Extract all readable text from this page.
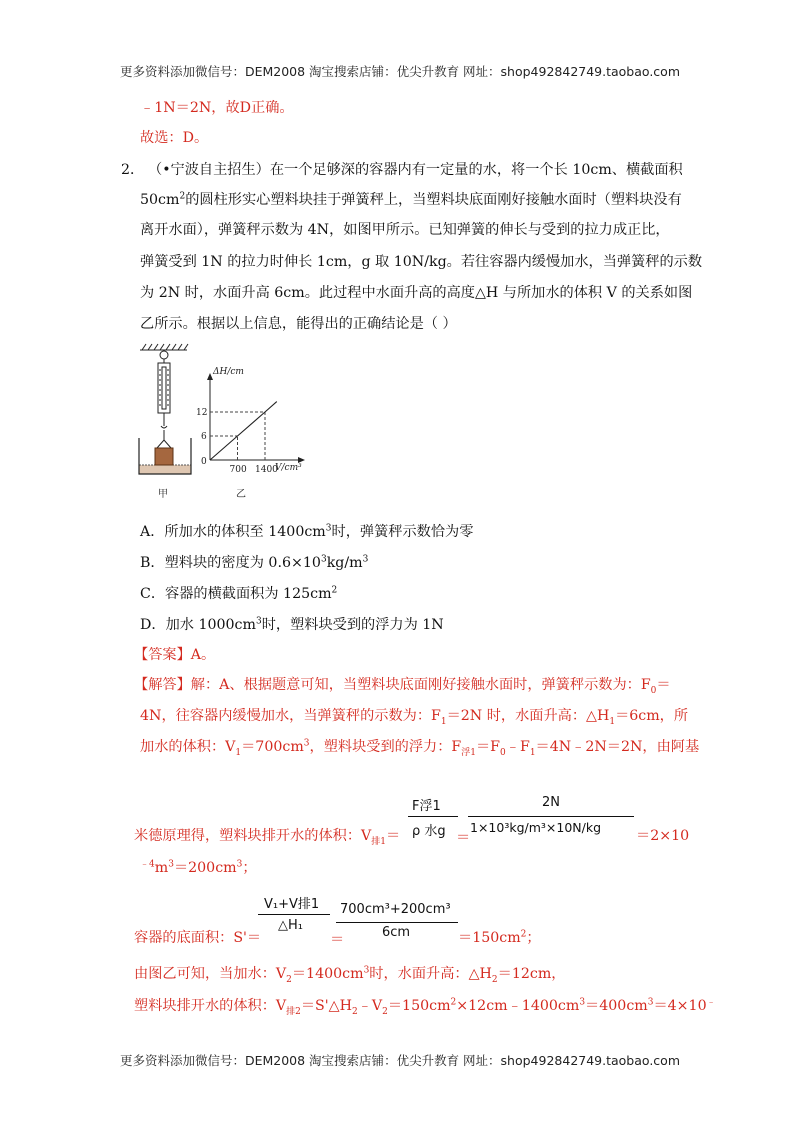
更多资料添加微信号：DEM2008 淘宝搜索店铺：优尖升教育 网址：shop492842749.taobao.com
﹣1N＝2N，故D正确。
故选：D。
2． （•宁波自主招生）在一个足够深的容器内有一定量的水，将一个长 10cm、横截面积
$50cm^2$的圆柱形实心塑料块挂于弹簧秤上，当塑料块底面刚好接触水面时（塑料块没有
离开水面），弹簧秤示数为 4N，如图甲所示。已知弹簧的伸长与受到的拉力成正比，
弹簧受到 1N 的拉力时伸长 1cm，g 取 10N/kg。若往容器内缓慢加水，当弹簧秤的示数
为 2N 时，水面升高 6cm。此过程中水面升高的高度△H 与所加水的体积 V 的关系如图
乙所示。根据以上信息，能得出的正确结论是（ ）
甲
ΔH/cm
V/cm³
0
6
12
700 1400
乙
A．所加水的体积至 $1400cm^3$时，弹簧秤示数恰为零
B．塑料块的密度为 $0.6\times 10^3kg/m^3$
C．容器的横截面积为 $125cm^2$
D．加水 $1000cm^3$时，塑料块受到的浮力为 1N
【答案】A。
【解答】解：A、根据题意可知，当塑料块底面刚好接触水面时，弹簧秤示数为：$F_0=$
4N，往容器内缓慢加水，当弹簧秤的示数为：$F_1=2N$ 时，水面升高：$\triangle H_1=6cm$，所
加水的体积：$V_1=700cm^3$，塑料块受到的浮力：$F_{浮1}=F_0﹣F_1=4N﹣2N=2N$，由阿基
米德原理得，塑料块排开水的体积：$V_{排1}=$
F浮1
ρ 水g ＝
2N
1×10³kg/m³×10N/kg
＝2×10
$^{﹣4}m^3=200cm^3$；
容器的底面积：S'＝
V₁+V排1
△H₁
＝
700cm³+200cm³
6cm	$=150cm^2$；
由图乙可知，当加水：$V_2=1400cm^3$时，水面升高：$\triangle H_2=12cm$，
塑料块排开水的体积：$V_{排2}=S'\triangle H_2﹣V_2=150cm^2\times 12cm﹣1400cm^3=400cm^3=4\times 10^﹣$
更多资料添加微信号：DEM2008 淘宝搜索店铺：优尖升教育 网址：shop492842749.taobao.com
